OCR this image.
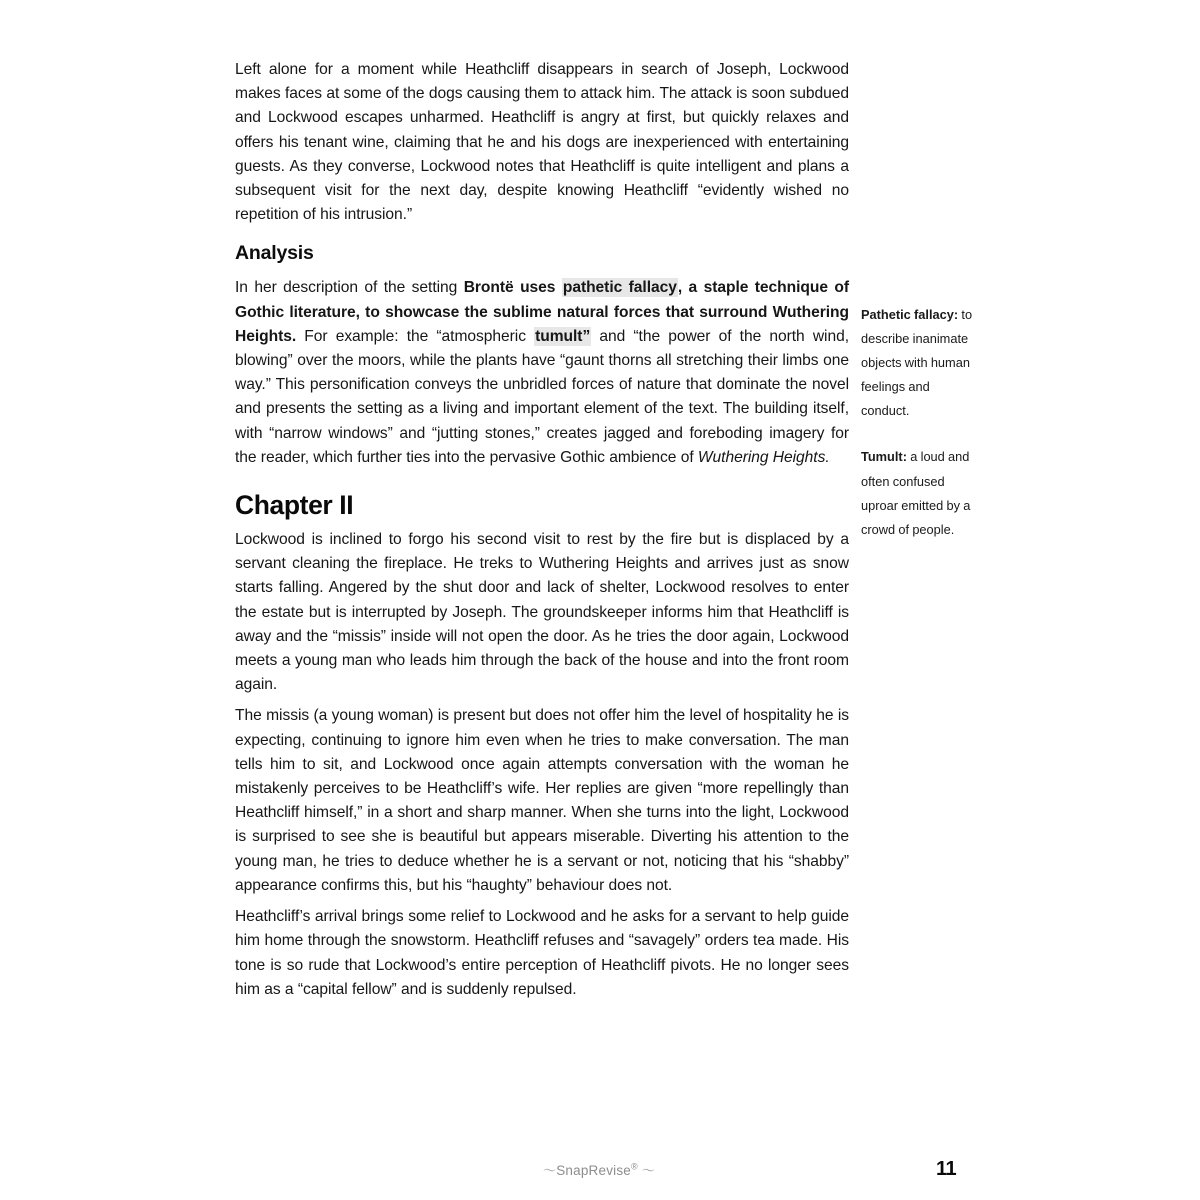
Left alone for a moment while Heathcliff disappears in search of Joseph, Lockwood makes faces at some of the dogs causing them to attack him. The attack is soon subdued and Lockwood escapes unharmed. Heathcliff is angry at first, but quickly relaxes and offers his tenant wine, claiming that he and his dogs are inexperienced with entertaining guests. As they converse, Lockwood notes that Heathcliff is quite intelligent and plans a subsequent visit for the next day, despite knowing Heathcliff “evidently wished no repetition of his intrusion.”

Analysis

In her description of the setting Brontë uses pathetic fallacy, a staple technique of Gothic literature, to showcase the sublime natural forces that surround Wuthering Heights. For example: the “atmospheric tumult” and “the power of the north wind, blowing” over the moors, while the plants have “gaunt thorns all stretching their limbs one way.” This personification conveys the unbridled forces of nature that dominate the novel and presents the setting as a living and important element of the text. The building itself, with “narrow windows” and “jutting stones,” creates jagged and foreboding imagery for the reader, which further ties into the pervasive Gothic ambience of Wuthering Heights.

Chapter II

Lockwood is inclined to forgo his second visit to rest by the fire but is displaced by a servant cleaning the fireplace. He treks to Wuthering Heights and arrives just as snow starts falling. Angered by the shut door and lack of shelter, Lockwood resolves to enter the estate but is interrupted by Joseph. The groundskeeper informs him that Heathcliff is away and the “missis” inside will not open the door. As he tries the door again, Lockwood meets a young man who leads him through the back of the house and into the front room again.

The missis (a young woman) is present but does not offer him the level of hospitality he is expecting, continuing to ignore him even when he tries to make conversation. The man tells him to sit, and Lockwood once again attempts conversation with the woman he mistakenly perceives to be Heathcliff’s wife. Her replies are given “more repellingly than Heathcliff himself,” in a short and sharp manner. When she turns into the light, Lockwood is surprised to see she is beautiful but appears miserable. Diverting his attention to the young man, he tries to deduce whether he is a servant or not, noticing that his “shabby” appearance confirms this, but his “haughty” behaviour does not.

Heathcliff’s arrival brings some relief to Lockwood and he asks for a servant to help guide him home through the snowstorm. Heathcliff refuses and “savagely” orders tea made. His tone is so rude that Lockwood’s entire perception of Heathcliff pivots. He no longer sees him as a “capital fellow” and is suddenly repulsed.

Pathetic fallacy: to describe inanimate objects with human feelings and conduct.

Tumult: a loud and often confused uproar emitted by a crowd of people.

〜SnapRevise® 〜	11
